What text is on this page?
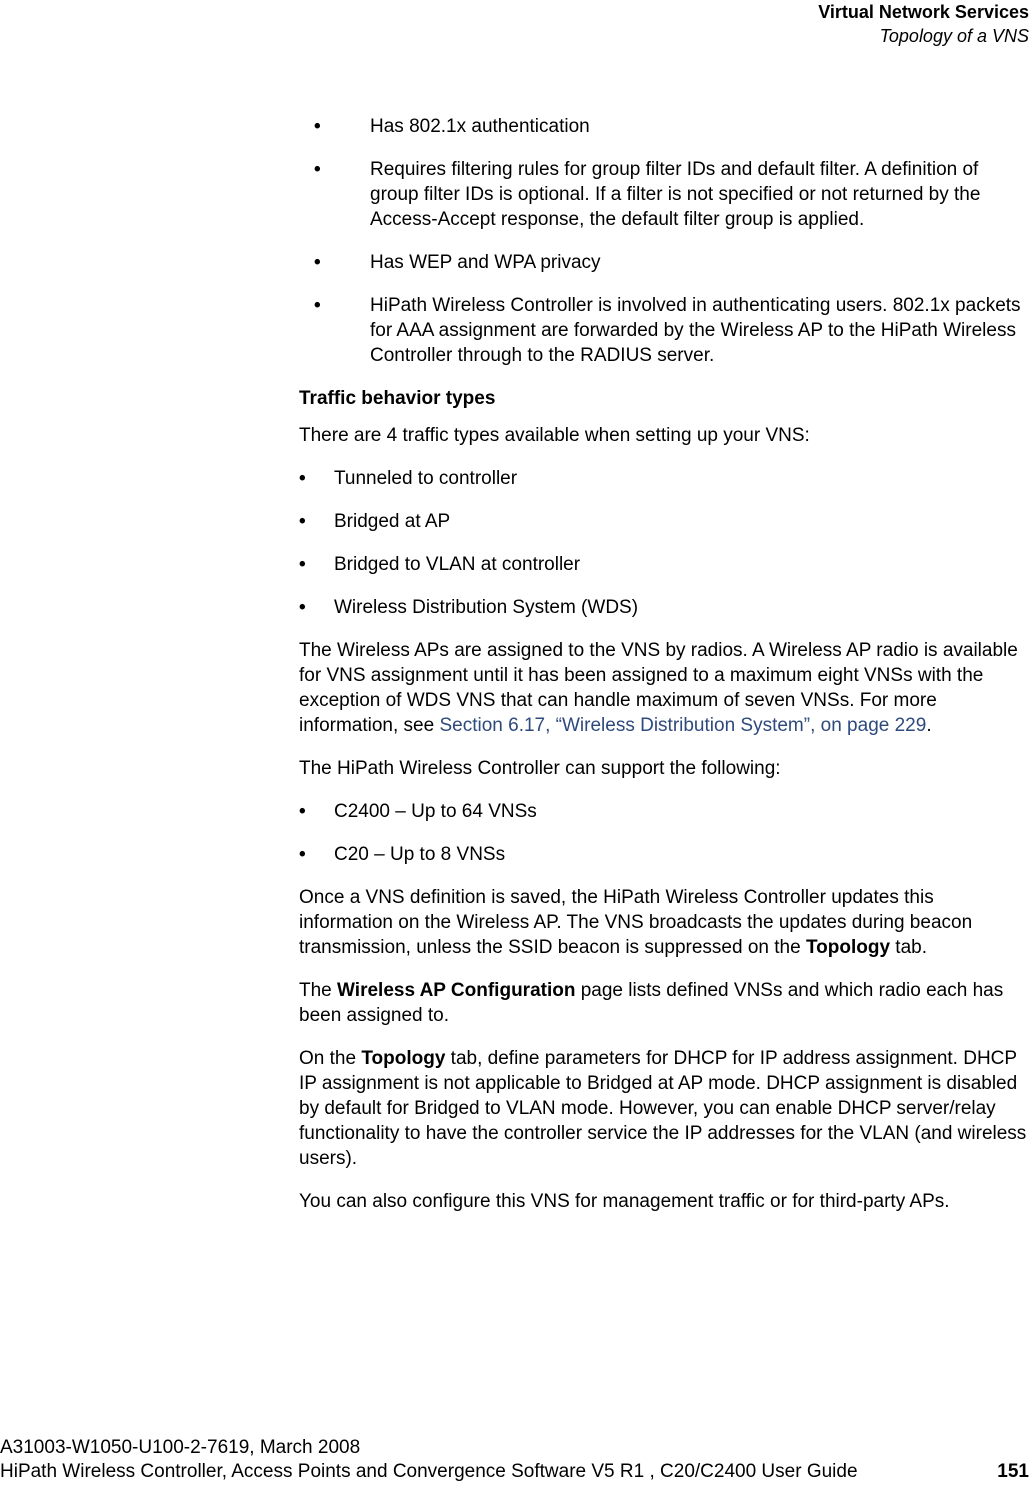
Virtual Network Services
Topology of a VNS
•	Has 802.1x authentication
•	Requires filtering rules for group filter IDs and default filter. A definition of group filter IDs is optional. If a filter is not specified or not returned by the Access-Accept response, the default filter group is applied.
•	Has WEP and WPA privacy
•	HiPath Wireless Controller is involved in authenticating users. 802.1x packets for AAA assignment are forwarded by the Wireless AP to the HiPath Wireless Controller through to the RADIUS server.
Traffic behavior types

There are 4 traffic types available when setting up your VNS:

• Tunneled to controller
• Bridged at AP
• Bridged to VLAN at controller
• Wireless Distribution System (WDS)

The Wireless APs are assigned to the VNS by radios. A Wireless AP radio is available for VNS assignment until it has been assigned to a maximum eight VNSs with the exception of WDS VNS that can handle maximum of seven VNSs. For more information, see Section 6.17, “Wireless Distribution System”, on page 229.

The HiPath Wireless Controller can support the following:

• C2400 – Up to 64 VNSs
• C20 – Up to 8 VNSs

Once a VNS definition is saved, the HiPath Wireless Controller updates this information on the Wireless AP. The VNS broadcasts the updates during beacon transmission, unless the SSID beacon is suppressed on the Topology tab.

The Wireless AP Configuration page lists defined VNSs and which radio each has been assigned to.

On the Topology tab, define parameters for DHCP for IP address assignment. DHCP IP assignment is not applicable to Bridged at AP mode. DHCP assignment is disabled by default for Bridged to VLAN mode. However, you can enable DHCP server/relay functionality to have the controller service the IP addresses for the VLAN (and wireless users).

You can also configure this VNS for management traffic or for third-party APs.

A31003-W1050-U100-2-7619, March 2008
HiPath Wireless Controller, Access Points and Convergence Software V5 R1 , C20/C2400 User Guide	151
